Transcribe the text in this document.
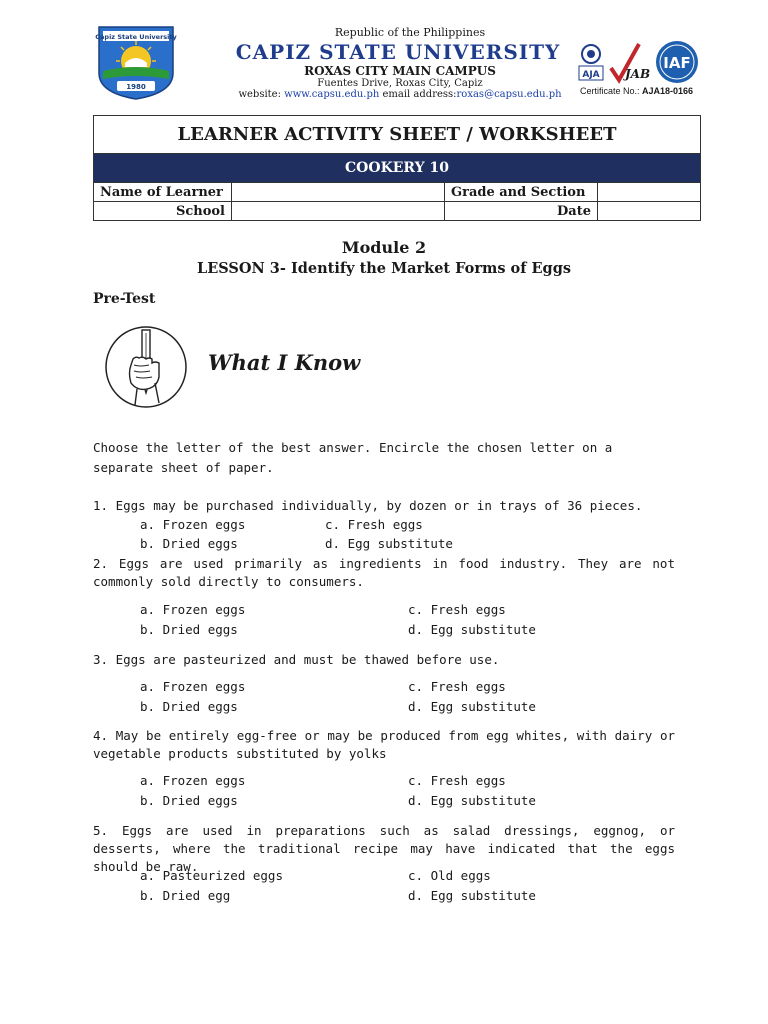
Capiz State University
1980
Republic of the Philippines
CAPIZ STATE UNIVERSITY
ROXAS CITY MAIN CAMPUS
Fuentes Drive, Roxas City, Capiz
website: www.capsu.edu.ph email address:roxas@capsu.edu.ph
AJA JAB
IAF
Certificate No.: AJA18-0166
LEARNER ACTIVITY SHEET / WORKSHEET			
COOKERY 10			
Name of Learner		Grade and Section	
School		Date	
Module 2
LESSON 3- Identify the Market Forms of Eggs
Pre-Test
What I Know
Choose the letter of the best answer. Encircle the chosen letter on a separate sheet of paper.
1. Eggs may be purchased individually, by dozen or in trays of 36 pieces.
a. Frozen eggs	c. Fresh eggs
b. Dried eggs	d. Egg substitute
2. Eggs are used primarily as ingredients in food industry. They are not commonly sold directly to consumers.
a. Frozen eggs	c. Fresh eggs
b. Dried eggs	d. Egg substitute
3. Eggs are pasteurized and must be thawed before use.
a. Frozen eggs	c. Fresh eggs
b. Dried eggs	d. Egg substitute
4. May be entirely egg-free or may be produced from egg whites, with dairy or vegetable products substituted by yolks
a. Frozen eggs	c. Fresh eggs
b. Dried eggs	d. Egg substitute
5. Eggs are used in preparations such as salad dressings, eggnog, or desserts, where the traditional recipe may have indicated that the eggs should be raw.
a. Pasteurized eggs	c. Old eggs
b. Dried egg	d. Egg substitute
